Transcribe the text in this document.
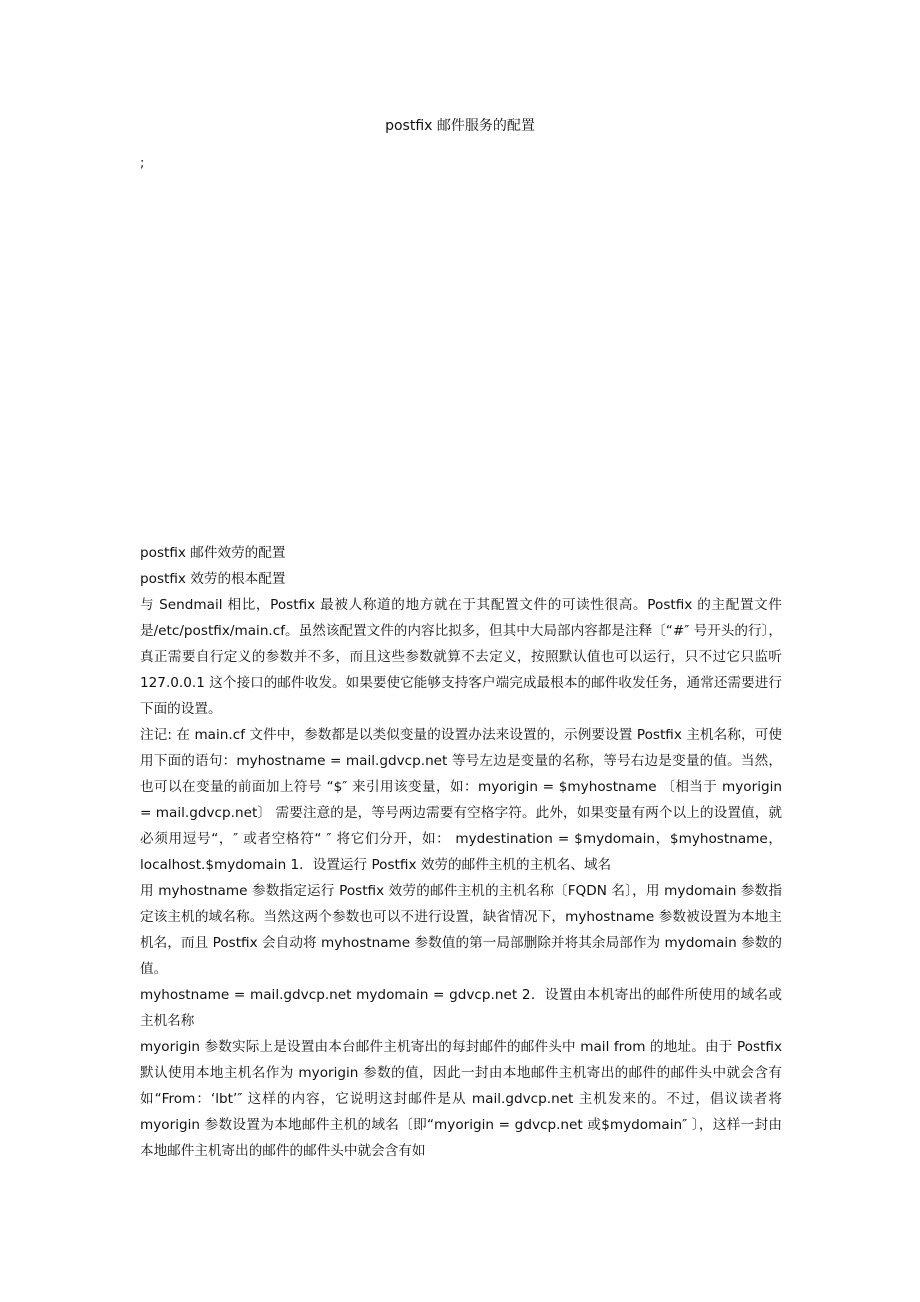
postfix 邮件服务的配置
;

postfix 邮件效劳的配置

postfix 效劳的根本配置

与 Sendmail 相比，Postfix 最被人称道的地方就在于其配置文件的可读性很高。Postfix 的主配置文件是/etc/postfix/main.cf。虽然该配置文件的内容比拟多，但其中大局部内容都是注释〔“#″ 号开头的行〕，真正需要自行定义的参数并不多，而且这些参数就算不去定义，按照默认值也可以运行，只不过它只监听 127.0.0.1 这个接口的邮件收发。如果要使它能够支持客户端完成最根本的邮件收发任务，通常还需要进行下面的设置。

注记: 在 main.cf 文件中，参数都是以类似变量的设置办法来设置的，示例要设置 Postfix 主机名称，可使用下面的语句：myhostname = mail.gdvcp.net 等号左边是变量的名称，等号右边是变量的值。当然，也可以在变量的前面加上符号 “$″ 来引用该变量，如：myorigin = $myhostname 〔相当于 myorigin = mail.gdvcp.net〕 需要注意的是，等号两边需要有空格字符。此外，如果变量有两个以上的设置值，就必须用逗号“，″ 或者空格符“ ″ 将它们分开，如： mydestination = $mydomain，$myhostname，localhost.$mydomain 1．设置运行 Postfix 效劳的邮件主机的主机名、域名

用 myhostname 参数指定运行 Postfix 效劳的邮件主机的主机名称〔FQDN 名〕，用 mydomain 参数指定该主机的域名称。当然这两个参数也可以不进行设置，缺省情况下，myhostname 参数被设置为本地主机名，而且 Postfix 会自动将 myhostname 参数值的第一局部删除并将其余局部作为 mydomain 参数的值。

myhostname = mail.gdvcp.net mydomain = gdvcp.net 2．设置由本机寄出的邮件所使用的域名或主机名称

myorigin 参数实际上是设置由本台邮件主机寄出的每封邮件的邮件头中 mail from 的地址。由于 Postfix 默认使用本地主机名作为 myorigin 参数的值，因此一封由本地邮件主机寄出的邮件的邮件头中就会含有如“From：‘lbt’″ 这样的内容，它说明这封邮件是从 mail.gdvcp.net 主机发来的。不过，倡议读者将 myorigin 参数设置为本地邮件主机的域名〔即“myorigin = gdvcp.net 或$mydomain″ 〕，这样一封由本地邮件主机寄出的邮件的邮件头中就会含有如
